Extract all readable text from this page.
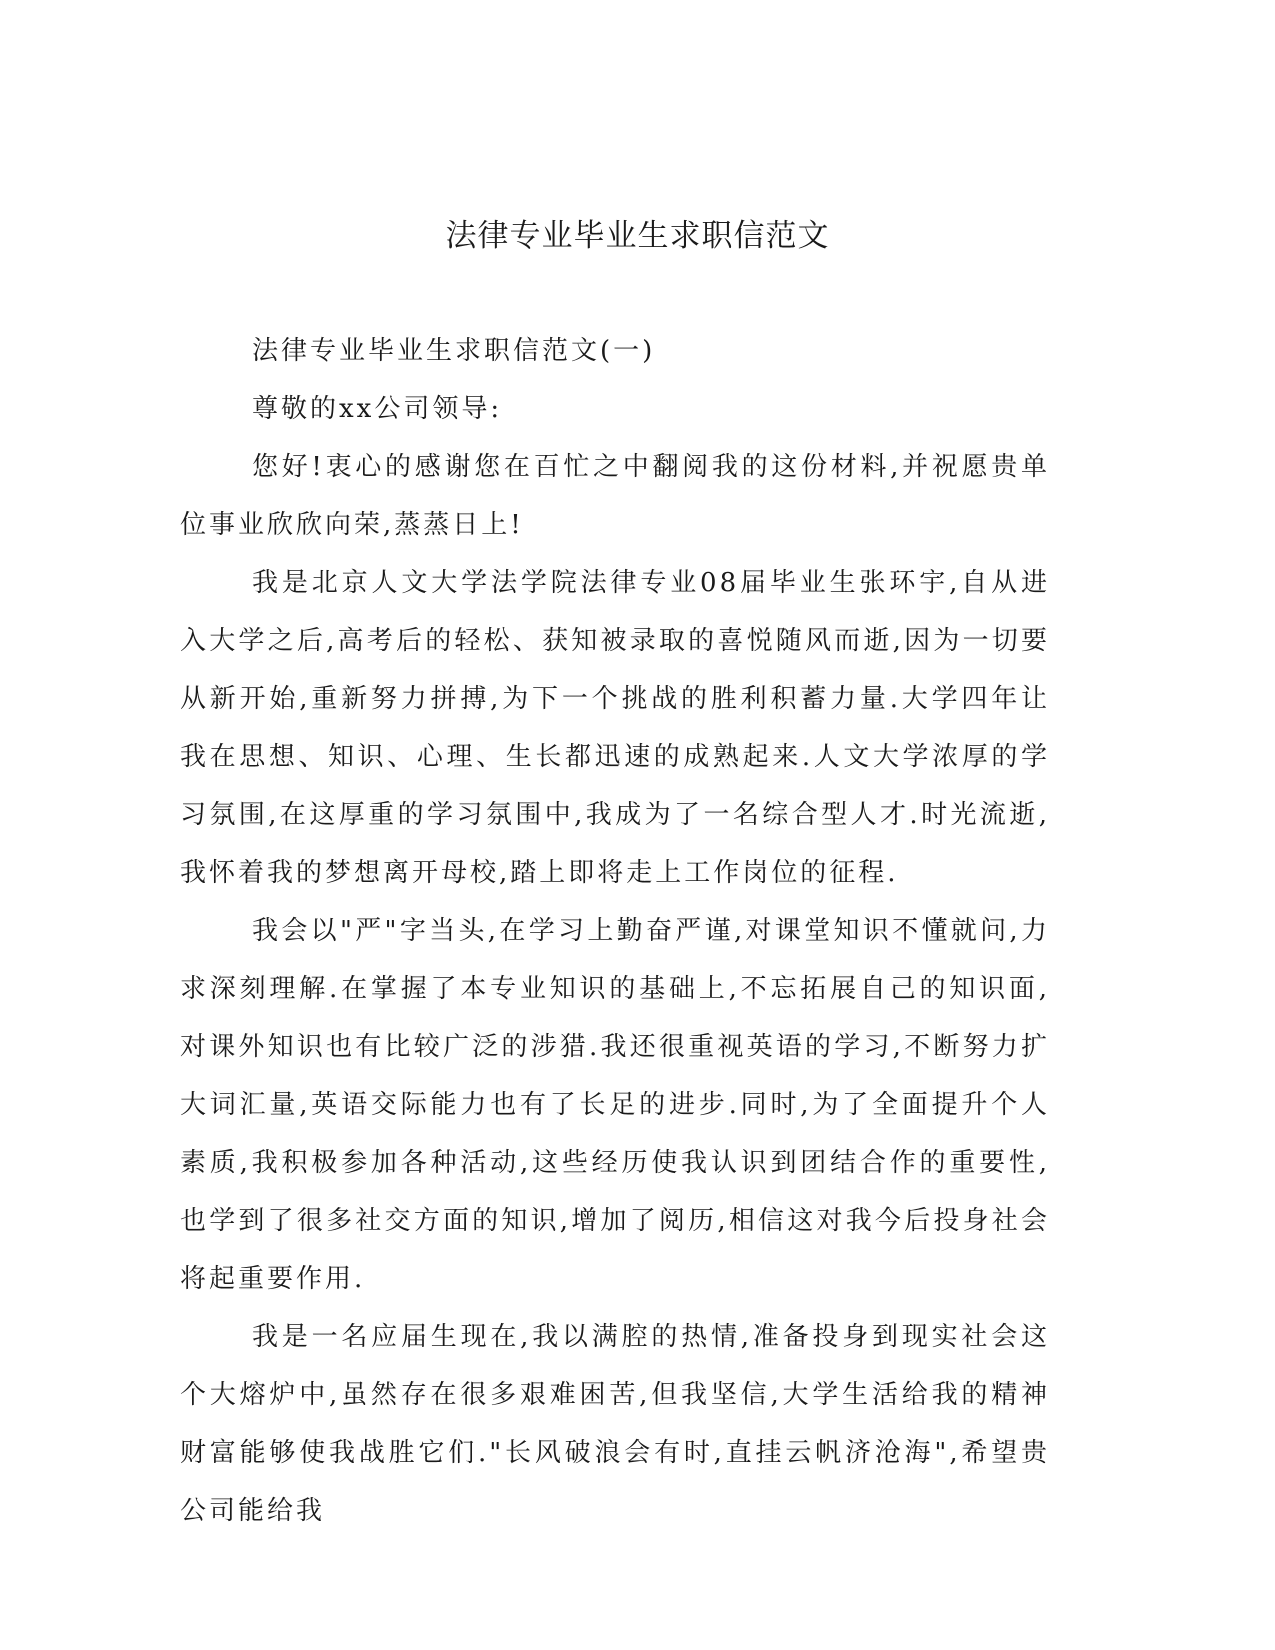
法律专业毕业生求职信范文

法律专业毕业生求职信范文(一)

尊敬的xx公司领导:

您好!衷心的感谢您在百忙之中翻阅我的这份材料,并祝愿贵单位事业欣欣向荣,蒸蒸日上!

我是北京人文大学法学院法律专业08届毕业生张环宇,自从进入大学之后,高考后的轻松、获知被录取的喜悦随风而逝,因为一切要从新开始,重新努力拼搏,为下一个挑战的胜利积蓄力量.大学四年让我在思想、知识、心理、生长都迅速的成熟起来.人文大学浓厚的学习氛围,在这厚重的学习氛围中,我成为了一名综合型人才.时光流逝,我怀着我的梦想离开母校,踏上即将走上工作岗位的征程.

我会以"严"字当头,在学习上勤奋严谨,对课堂知识不懂就问,力求深刻理解.在掌握了本专业知识的基础上,不忘拓展自己的知识面,对课外知识也有比较广泛的涉猎.我还很重视英语的学习,不断努力扩大词汇量,英语交际能力也有了长足的进步.同时,为了全面提升个人素质,我积极参加各种活动,这些经历使我认识到团结合作的重要性,也学到了很多社交方面的知识,增加了阅历,相信这对我今后投身社会将起重要作用.

我是一名应届生现在,我以满腔的热情,准备投身到现实社会这个大熔炉中,虽然存在很多艰难困苦,但我坚信,大学生活给我的精神财富能够使我战胜它们."长风破浪会有时,直挂云帆济沧海",希望贵公司能给我
